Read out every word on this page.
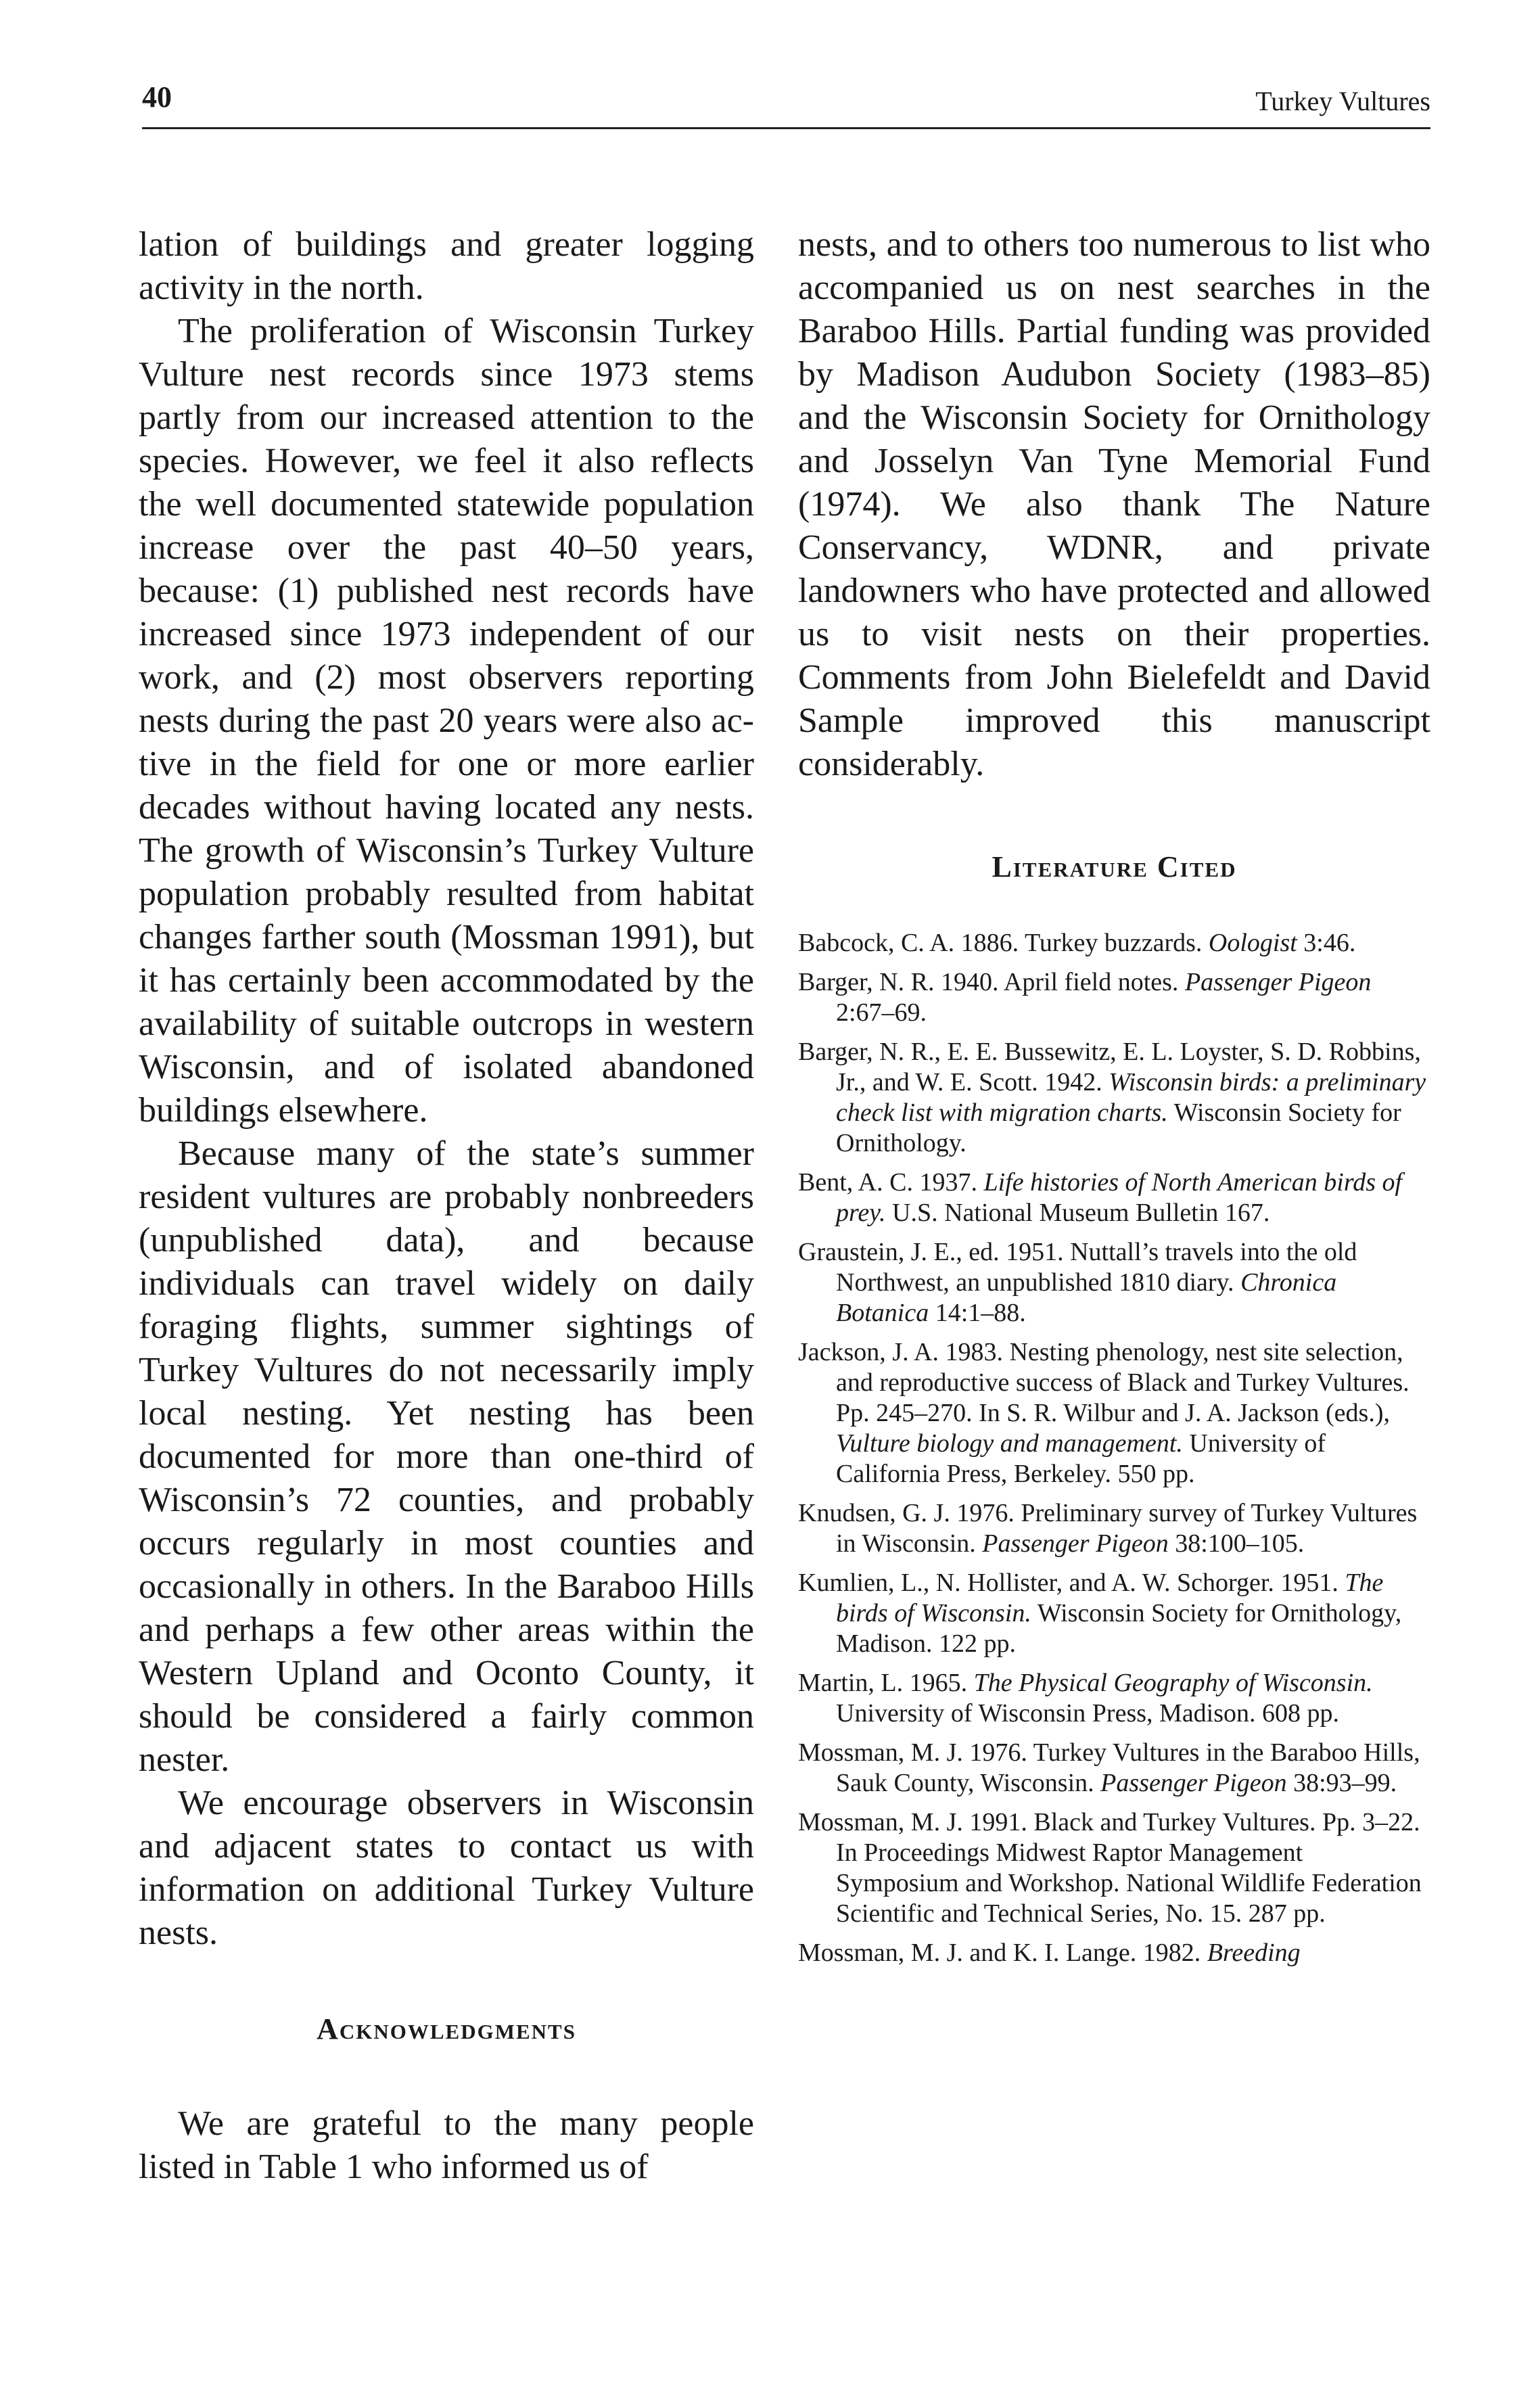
40	Turkey Vultures

lation of buildings and greater logging activity in the north.

The proliferation of Wisconsin Turkey Vulture nest records since 1973 stems partly from our increased attention to the species. However, we feel it also reflects the well documented statewide population increase over the past 40–50 years, because: (1) published nest records have increased since 1973 independent of our work, and (2) most observers reporting nests during the past 20 years were also active in the field for one or more earlier decades without having located any nests. The growth of Wisconsin’s Turkey Vulture population probably resulted from habitat changes farther south (Mossman 1991), but it has certainly been accommodated by the availability of suitable outcrops in western Wisconsin, and of isolated abandoned buildings elsewhere.

Because many of the state’s summer resident vultures are probably nonbreeders (unpublished data), and because individuals can travel widely on daily foraging flights, summer sightings of Turkey Vultures do not necessarily imply local nesting. Yet nesting has been documented for more than one-third of Wisconsin’s 72 counties, and probably occurs regularly in most counties and occasionally in others. In the Baraboo Hills and perhaps a few other areas within the Western Upland and Oconto County, it should be considered a fairly common nester.

We encourage observers in Wisconsin and adjacent states to contact us with information on additional Turkey Vulture nests.

Acknowledgments

We are grateful to the many people listed in Table 1 who informed us of

nests, and to others too numerous to list who accompanied us on nest searches in the Baraboo Hills. Partial funding was provided by Madison Audubon Society (1983–85) and the Wisconsin Society for Ornithology and Josselyn Van Tyne Memorial Fund (1974). We also thank The Nature Conservancy, WDNR, and private landowners who have protected and allowed us to visit nests on their properties. Comments from John Bielefeldt and David Sample improved this manuscript considerably.

Literature Cited
Babcock, C. A. 1886. Turkey buzzards. Oologist 3:46.
Barger, N. R. 1940. April field notes. Passenger Pigeon 2:67–69.
Barger, N. R., E. E. Bussewitz, E. L. Loyster, S. D. Robbins, Jr., and W. E. Scott. 1942. Wisconsin birds: a preliminary check list with migration charts. Wisconsin Society for Ornithology.
Bent, A. C. 1937. Life histories of North American birds of prey. U.S. National Museum Bulletin 167.
Graustein, J. E., ed. 1951. Nuttall’s travels into the old Northwest, an unpublished 1810 diary. Chronica Botanica 14:1–88.
Jackson, J. A. 1983. Nesting phenology, nest site selection, and reproductive success of Black and Turkey Vultures. Pp. 245–270. In S. R. Wilbur and J. A. Jackson (eds.), Vulture biology and management. University of California Press, Berkeley. 550 pp.
Knudsen, G. J. 1976. Preliminary survey of Turkey Vultures in Wisconsin. Passenger Pigeon 38:100–105.
Kumlien, L., N. Hollister, and A. W. Schorger. 1951. The birds of Wisconsin. Wisconsin Society for Ornithology, Madison. 122 pp.
Martin, L. 1965. The Physical Geography of Wisconsin. University of Wisconsin Press, Madison. 608 pp.
Mossman, M. J. 1976. Turkey Vultures in the Baraboo Hills, Sauk County, Wisconsin. Passenger Pigeon 38:93–99.
Mossman, M. J. 1991. Black and Turkey Vultures. Pp. 3–22. In Proceedings Midwest Raptor Management Symposium and Workshop. National Wildlife Federation Scientific and Technical Series, No. 15. 287 pp.
Mossman, M. J. and K. I. Lange. 1982. Breeding
